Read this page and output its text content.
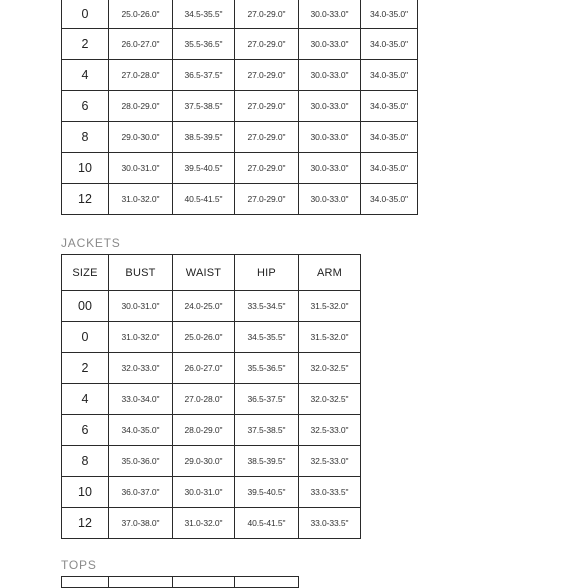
0	25.0-26.0"	34.5-35.5"	27.0-29.0"	30.0-33.0"	34.0-35.0"
2	26.0-27.0"	35.5-36.5"	27.0-29.0"	30.0-33.0"	34.0-35.0"
4	27.0-28.0"	36.5-37.5"	27.0-29.0"	30.0-33.0"	34.0-35.0"
6	28.0-29.0"	37.5-38.5"	27.0-29.0"	30.0-33.0"	34.0-35.0"
8	29.0-30.0"	38.5-39.5"	27.0-29.0"	30.0-33.0"	34.0-35.0"
10	30.0-31.0"	39.5-40.5"	27.0-29.0"	30.0-33.0"	34.0-35.0"
12	31.0-32.0"	40.5-41.5"	27.0-29.0"	30.0-33.0"	34.0-35.0"
JACKETS
SIZE	BUST	WAIST	HIP	ARM
00	30.0-31.0"	24.0-25.0"	33.5-34.5"	31.5-32.0"
0	31.0-32.0"	25.0-26.0"	34.5-35.5"	31.5-32.0"
2	32.0-33.0"	26.0-27.0"	35.5-36.5"	32.0-32.5"
4	33.0-34.0"	27.0-28.0"	36.5-37.5"	32.0-32.5"
6	34.0-35.0"	28.0-29.0"	37.5-38.5"	32.5-33.0"
8	35.0-36.0"	29.0-30.0"	38.5-39.5"	32.5-33.0"
10	36.0-37.0"	30.0-31.0"	39.5-40.5"	33.0-33.5"
12	37.0-38.0"	31.0-32.0"	40.5-41.5"	33.0-33.5"
TOPS
